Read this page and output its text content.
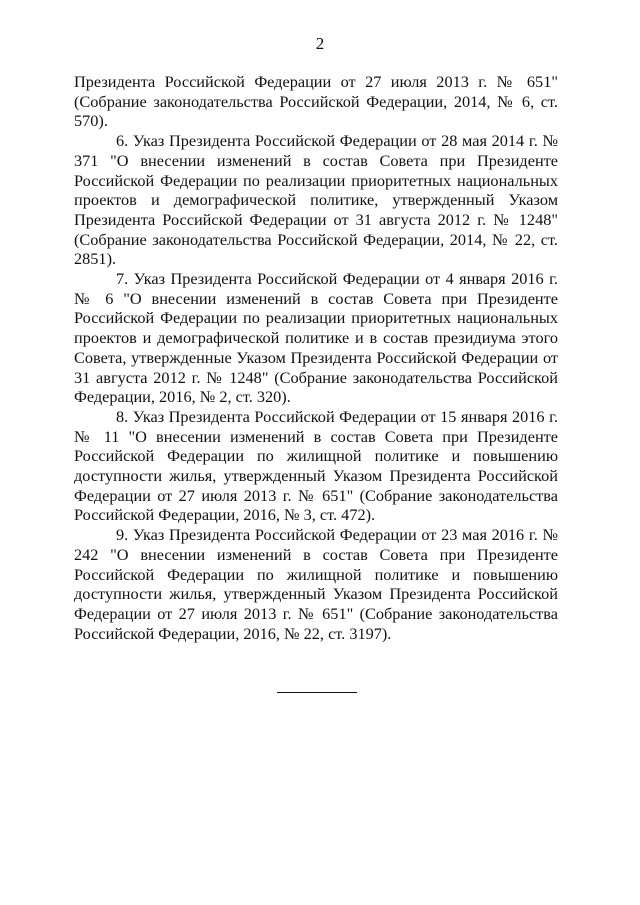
2

Президента Российской Федерации от 27 июля 2013 г. № 651" (Собрание законодательства Российской Федерации, 2014, № 6, ст. 570).

6. Указ Президента Российской Федерации от 28 мая 2014 г. № 371 "О внесении изменений в состав Совета при Президенте Российской Федерации по реализации приоритетных национальных проектов и демографической политике, утвержденный Указом Президента Российской Федерации от 31 августа 2012 г. № 1248" (Собрание законодательства Российской Федерации, 2014, № 22, ст. 2851).

7. Указ Президента Российской Федерации от 4 января 2016 г. № 6 "О внесении изменений в состав Совета при Президенте Российской Федерации по реализации приоритетных национальных проектов и демографической политике и в состав президиума этого Совета, утвержденные Указом Президента Российской Федерации от 31 августа 2012 г. № 1248" (Собрание законодательства Российской Федерации, 2016, № 2, ст. 320).

8. Указ Президента Российской Федерации от 15 января 2016 г. № 11 "О внесении изменений в состав Совета при Президенте Российской Федерации по жилищной политике и повышению доступности жилья, утвержденный Указом Президента Российской Федерации от 27 июля 2013 г. № 651" (Собрание законодательства Российской Федерации, 2016, № 3, ст. 472).

9. Указ Президента Российской Федерации от 23 мая 2016 г. № 242 "О внесении изменений в состав Совета при Президенте Российской Федерации по жилищной политике и повышению доступности жилья, утвержденный Указом Президента Российской Федерации от 27 июля 2013 г. № 651" (Собрание законодательства Российской Федерации, 2016, № 22, ст. 3197).
